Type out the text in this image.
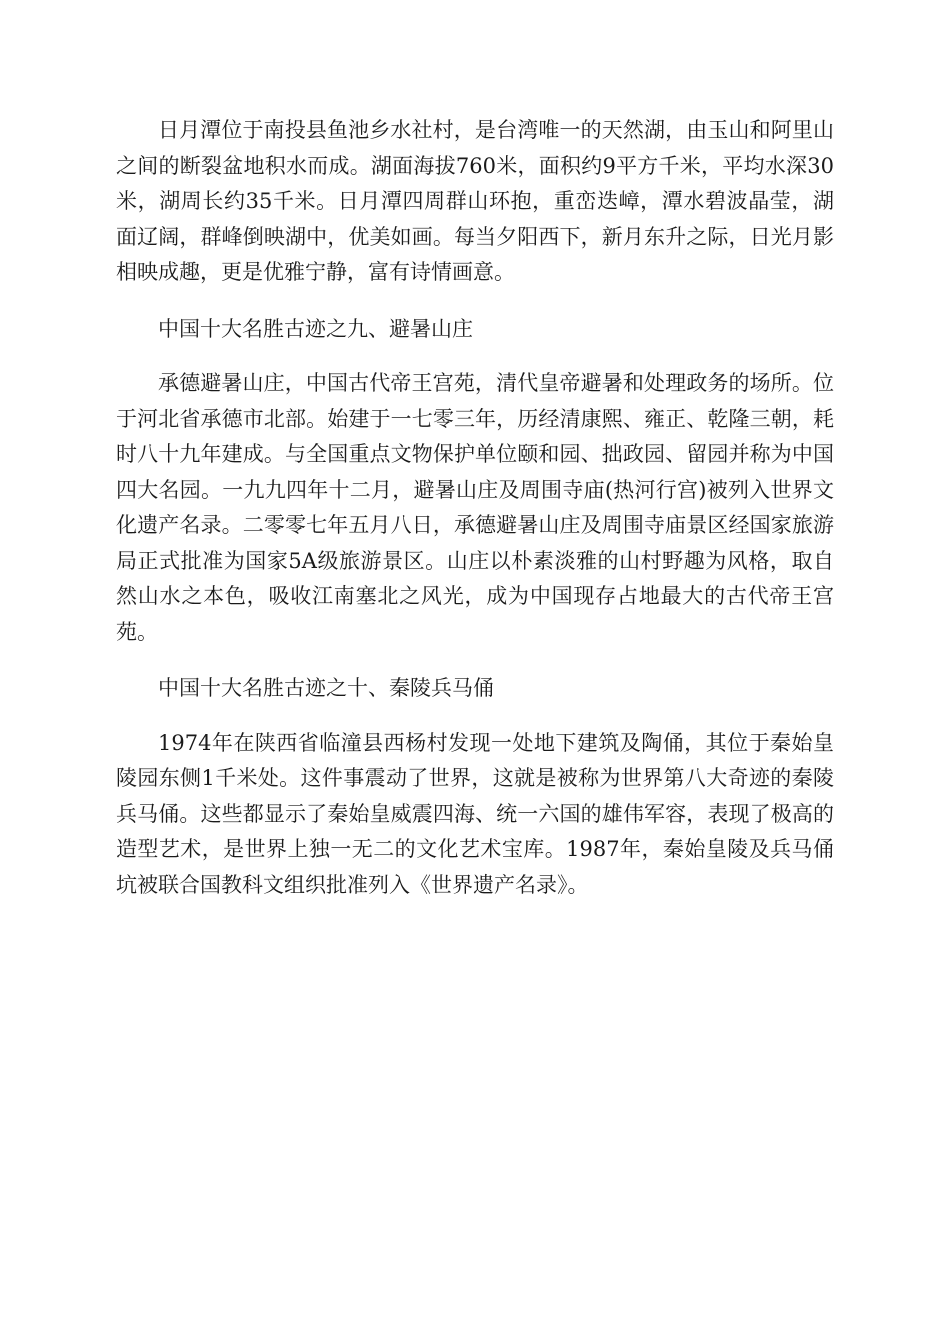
日月潭位于南投县鱼池乡水社村，是台湾唯一的天然湖，由玉山和阿里山之间的断裂盆地积水而成。湖面海拔760米，面积约9平方千米，平均水深30米，湖周长约35千米。日月潭四周群山环抱，重峦迭嶂，潭水碧波晶莹，湖面辽阔，群峰倒映湖中，优美如画。每当夕阳西下，新月东升之际，日光月影相映成趣，更是优雅宁静，富有诗情画意。

中国十大名胜古迹之九、避暑山庄

承德避暑山庄，中国古代帝王宫苑，清代皇帝避暑和处理政务的场所。位于河北省承德市北部。始建于一七零三年，历经清康熙、雍正、乾隆三朝，耗时八十九年建成。与全国重点文物保护单位颐和园、拙政园、留园并称为中国四大名园。一九九四年十二月，避暑山庄及周围寺庙(热河行宫)被列入世界文化遗产名录。二零零七年五月八日，承德避暑山庄及周围寺庙景区经国家旅游局正式批准为国家5A级旅游景区。山庄以朴素淡雅的山村野趣为风格，取自然山水之本色，吸收江南塞北之风光，成为中国现存占地最大的古代帝王宫苑。

中国十大名胜古迹之十、秦陵兵马俑

1974年在陕西省临潼县西杨村发现一处地下建筑及陶俑，其位于秦始皇陵园东侧1千米处。这件事震动了世界，这就是被称为世界第八大奇迹的秦陵兵马俑。这些都显示了秦始皇威震四海、统一六国的雄伟军容，表现了极高的造型艺术，是世界上独一无二的文化艺术宝库。1987年，秦始皇陵及兵马俑坑被联合国教科文组织批准列入《世界遗产名录》。
